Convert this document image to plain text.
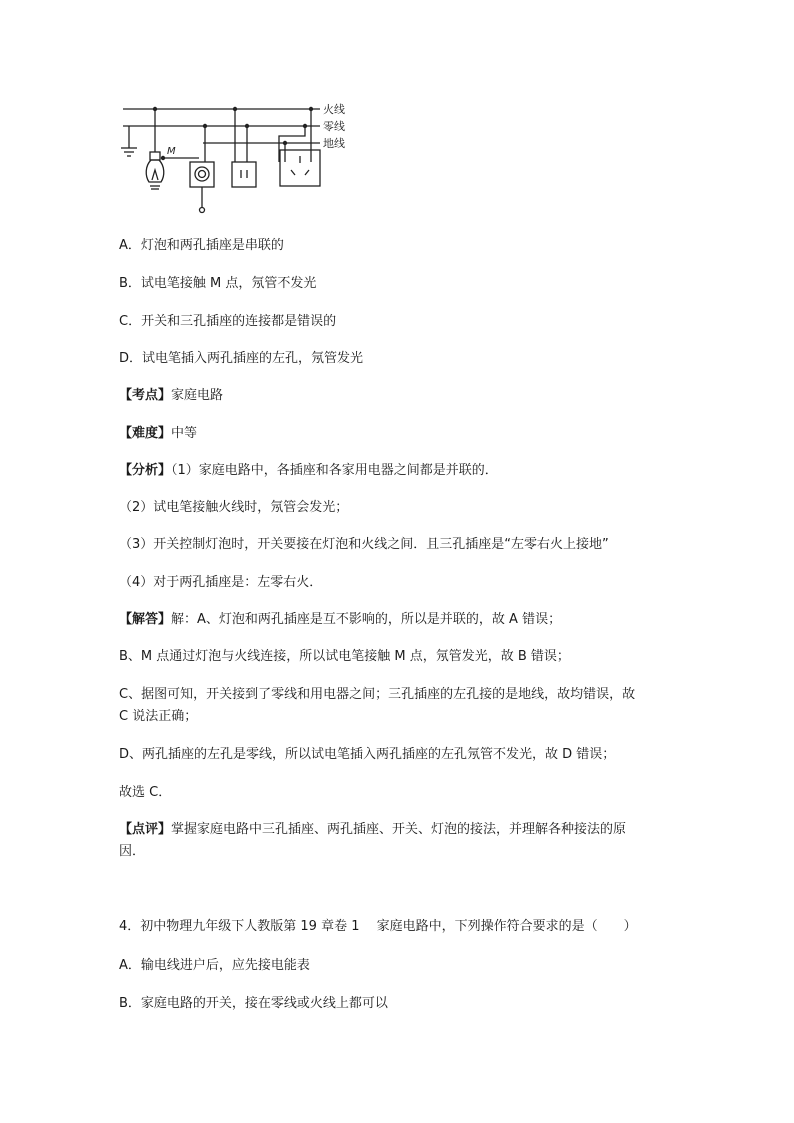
火线
零线
地线
M

A．灯泡和两孔插座是串联的

B．试电笔接触 M 点，氖管不发光

C．开关和三孔插座的连接都是错误的

D．试电笔插入两孔插座的左孔，氖管发光

【考点】家庭电路

【难度】中等

【分析】（1）家庭电路中，各插座和各家用电器之间都是并联的．

（2）试电笔接触火线时，氖管会发光；

（3）开关控制灯泡时，开关要接在灯泡和火线之间．且三孔插座是“左零右火上接地”

（4）对于两孔插座是：左零右火．

【解答】解：A、灯泡和两孔插座是互不影响的，所以是并联的，故 A 错误；

B、M 点通过灯泡与火线连接，所以试电笔接触 M 点，氖管发光，故 B 错误；

C、据图可知，开关接到了零线和用电器之间；三孔插座的左孔接的是地线，故均错误，故

C 说法正确；

D、两孔插座的左孔是零线，所以试电笔插入两孔插座的左孔氖管不发光，故 D 错误；

故选 C．

【点评】掌握家庭电路中三孔插座、两孔插座、开关、灯泡的接法，并理解各种接法的原

因．

4．初中物理九年级下人教版第 19 章卷 1　 家庭电路中，下列操作符合要求的是（　　）

A．输电线进户后，应先接电能表

B．家庭电路的开关，接在零线或火线上都可以
